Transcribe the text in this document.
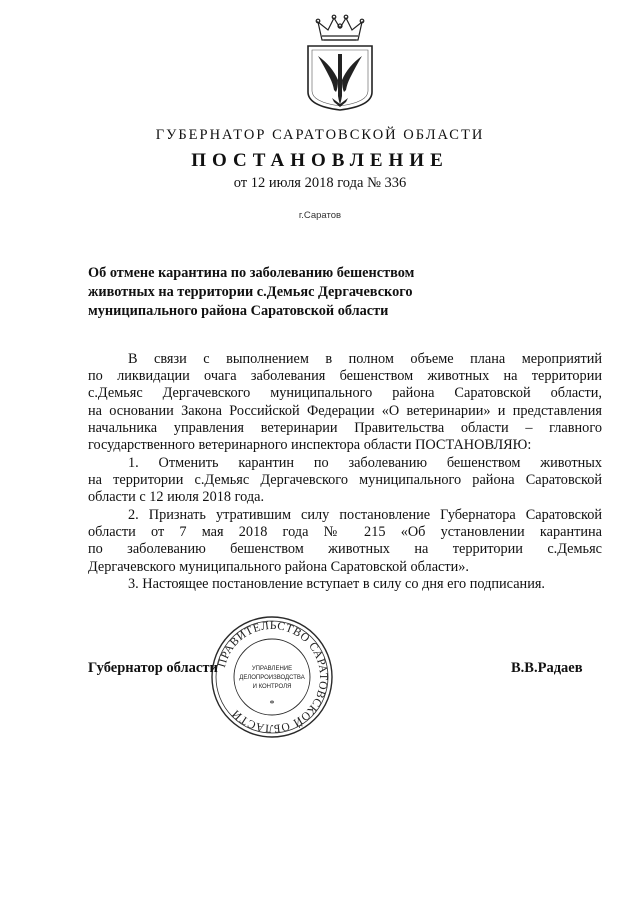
ГУБЕРНАТОР САРАТОВСКОЙ ОБЛАСТИ
ПОСТАНОВЛЕНИЕ
от 12 июля 2018 года № 336
г.Саратов
Об отмене карантина по заболеванию бешенством
животных на территории с.Демьяс Дергачевского
муниципального района Саратовской области
В связи с выполнением в полном объеме плана мероприятий
по ликвидации очага заболевания бешенством животных на территории
с.Демьяс Дергачевского муниципального района Саратовской области,
на основании Закона Российской Федерации «О ветеринарии» и представления
начальника управления ветеринарии Правительства области – главного
государственного ветеринарного инспектора области ПОСТАНОВЛЯЮ:
1. Отменить карантин по заболеванию бешенством животных
на территории с.Демьяс Дергачевского муниципального района Саратовской
области с 12 июля 2018 года.
2. Признать утратившим силу постановление Губернатора Саратовской
области от 7 мая 2018 года № 215 «Об установлении карантина
по заболеванию бешенством животных на территории с.Демьяс
Дергачевского муниципального района Саратовской области».
3. Настоящее постановление вступает в силу со дня его подписания.
ПРАВИТЕЛЬСТВО САРАТОВСКОЙ ОБЛАСТИ
УПРАВЛЕНИЕ
ДЕЛОПРОИЗВОДСТВА
И КОНТРОЛЯ
*
Губернатор области	В.В.Радаев
